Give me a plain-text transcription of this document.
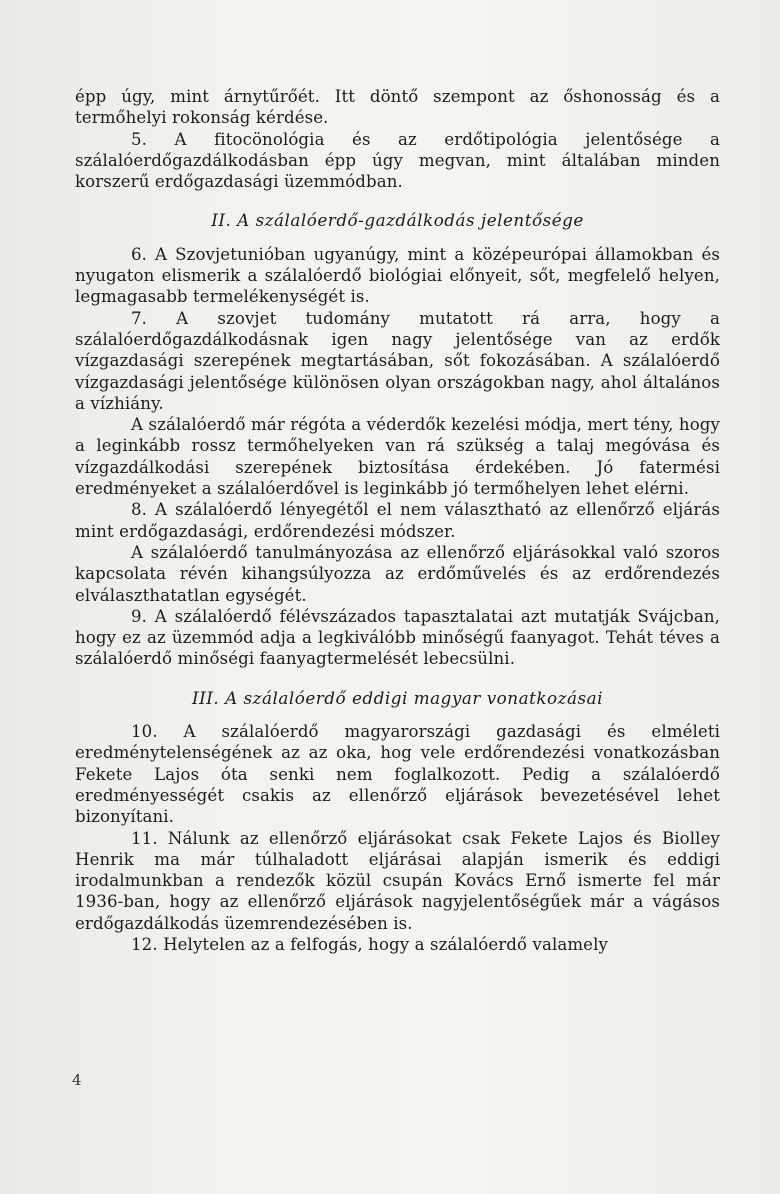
épp úgy, mint árnytűrőét. Itt döntő szempont az őshonosság és a termőhelyi rokonság kérdése.

5. A fitocönológia és az erdőtipológia jelentősége a szálalóerdőgazdálkodásban épp úgy megvan, mint általában minden korszerű erdőgazdasági üzemmódban.

II. A szálalóerdő-gazdálkodás jelentősége

6. A Szovjetunióban ugyanúgy, mint a középeurópai államokban és nyugaton elismerik a szálalóerdő biológiai előnyeit, sőt, megfelelő helyen, legmagasabb termelékenységét is.

7. A szovjet tudomány mutatott rá arra, hogy a szálalóerdőgazdálkodásnak igen nagy jelentősége van az erdők vízgazdasági szerepének megtartásában, sőt fokozásában. A szálalóerdő vízgazdasági jelentősége különösen olyan országokban nagy, ahol általános a vízhiány.

A szálalóerdő már régóta a véderdők kezelési módja, mert tény, hogy a leginkább rossz termőhelyeken van rá szükség a talaj megóvása és vízgazdálkodási szerepének biztosítása érdekében. Jó fatermési eredményeket a szálalóerdővel is leginkább jó termőhelyen lehet elérni.

8. A szálalóerdő lényegétől el nem választható az ellenőrző eljárás mint erdőgazdasági, erdőrendezési módszer.

A szálalóerdő tanulmányozása az ellenőrző eljárásokkal való szoros kapcsolata révén kihangsúlyozza az erdőművelés és az erdőrendezés elválaszthatatlan egységét.

9. A szálalóerdő félévszázados tapasztalatai azt mutatják Svájcban, hogy ez az üzemmód adja a legkiválóbb minőségű faanyagot. Tehát téves a szálalóerdő minőségi faanyagtermelését lebecsülni.

III. A szálalóerdő eddigi magyar vonatkozásai

10. A szálalóerdő magyarországi gazdasági és elméleti eredménytelenségének az az oka, hog vele erdőrendezési vonatkozásban Fekete Lajos óta senki nem foglalkozott. Pedig a szálalóerdő eredményességét csakis az ellenőrző eljárások bevezetésével lehet bizonyítani.

11. Nálunk az ellenőrző eljárásokat csak Fekete Lajos és Biolley Henrik ma már túlhaladott eljárásai alapján ismerik és eddigi irodalmunkban a rendezők közül csupán Kovács Ernő ismerte fel már 1936-ban, hogy az ellenőrző eljárások nagyjelentőségűek már a vágásos erdőgazdálkodás üzemrendezésében is.

12. Helytelen az a felfogás, hogy a szálalóerdő valamely

4
